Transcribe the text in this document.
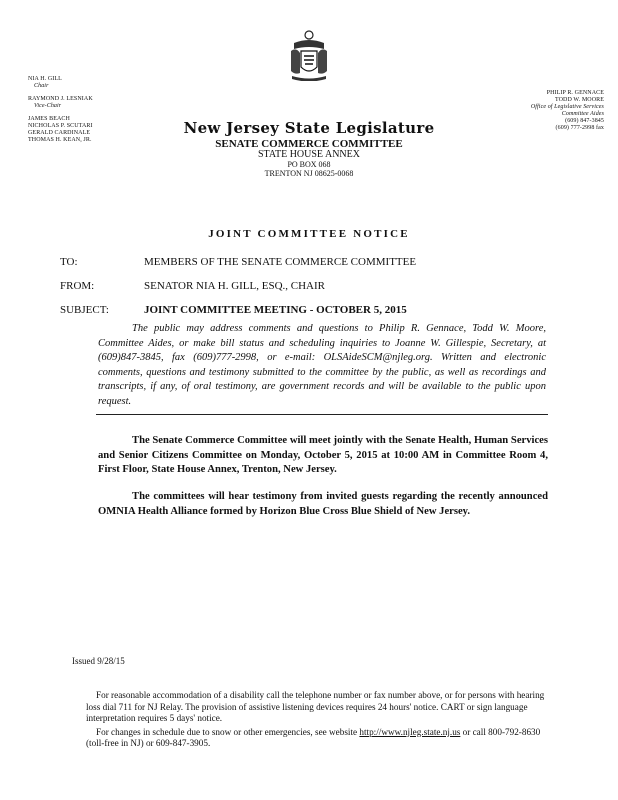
NIA H. GILL
Chair
RAYMOND J. LESNIAK
Vice-Chair
JAMES BEACH
NICHOLAS P. SCUTARI
GERALD CARDINALE
THOMAS H. KEAN, JR.
PHILIP R. GENNACE
TODD W. MOORE
Office of Legislative Services
Committee Aides
(609) 847-3845
(609) 777-2998 fax
New Jersey State Legislature
SENATE COMMERCE COMMITTEE
STATE HOUSE ANNEX
PO BOX 068
TRENTON NJ 08625-0068
JOINT COMMITTEE NOTICE
TO:	MEMBERS OF THE SENATE COMMERCE COMMITTEE
FROM:	SENATOR NIA H. GILL, ESQ., CHAIR
SUBJECT:	JOINT COMMITTEE MEETING - OCTOBER 5, 2015
The public may address comments and questions to Philip R. Gennace, Todd W. Moore, Committee Aides, or make bill status and scheduling inquiries to Joanne W. Gillespie, Secretary, at (609)847-3845, fax (609)777-2998, or e-mail: OLSAideSCM@njleg.org. Written and electronic comments, questions and testimony submitted to the committee by the public, as well as recordings and transcripts, if any, of oral testimony, are government records and will be available to the public upon request.
The Senate Commerce Committee will meet jointly with the Senate Health, Human Services and Senior Citizens Committee on Monday, October 5, 2015 at 10:00 AM in Committee Room 4, First Floor, State House Annex, Trenton, New Jersey.
The committees will hear testimony from invited guests regarding the recently announced OMNIA Health Alliance formed by Horizon Blue Cross Blue Shield of New Jersey.
Issued 9/28/15

For reasonable accommodation of a disability call the telephone number or fax number above, or for persons with hearing loss dial 711 for NJ Relay. The provision of assistive listening devices requires 24 hours' notice. CART or sign language interpretation requires 5 days' notice.

For changes in schedule due to snow or other emergencies, see website http://www.njleg.state.nj.us or call 800-792-8630 (toll-free in NJ) or 609-847-3905.
